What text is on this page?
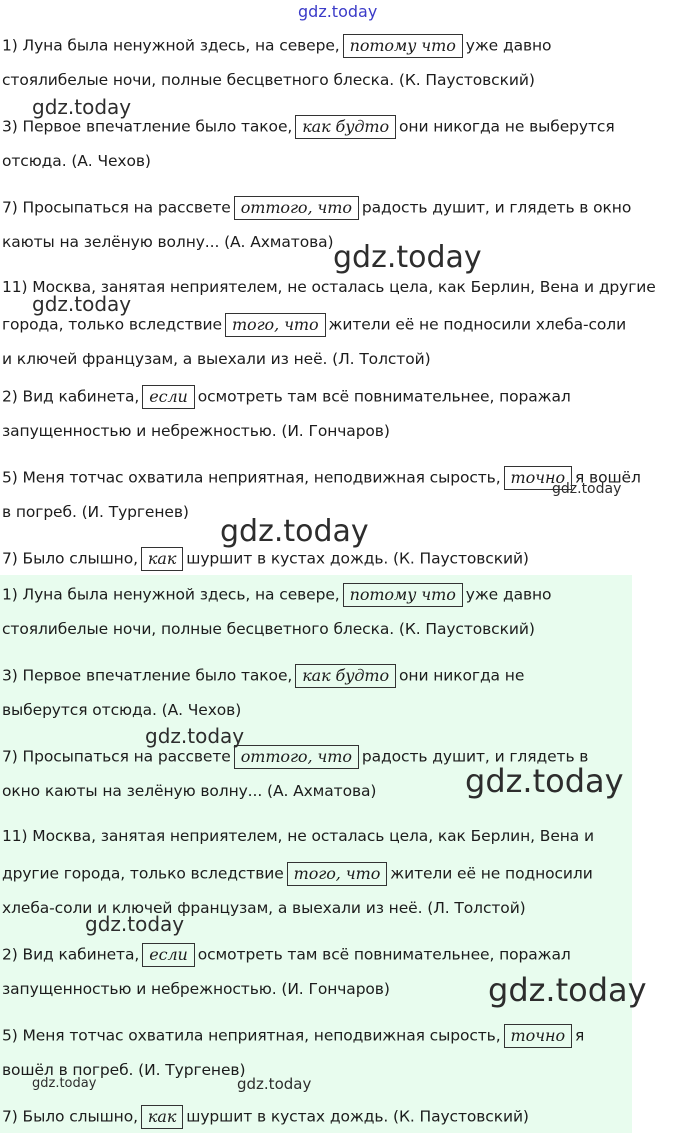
1) Луна была ненужной здесь, на севере, потому что уже давно
стоялибелые ночи, полные бесцветного блеска. (К. Паустовский)
3) Первое впечатление было такое, как будто они никогда не выберутся
отсюда. (А. Чехов)
7) Просыпаться на рассвете оттого, что радость душит, и глядеть в окно
каюты на зелёную волну... (А. Ахматова)
11) Москва, занятая неприятелем, не осталась цела, как Берлин, Вена и другие
города, только вследствие того, что жители её не подносили хлеба-соли
и ключей французам, а выехали из неё. (Л. Толстой)
2) Вид кабинета, если осмотреть там всё повнимательнее, поражал
запущенностью и небрежностью. (И. Гончаров)
5) Меня тотчас охватила неприятная, неподвижная сырость, точно я вошёл
в погреб. (И. Тургенев)
7) Было слышно, как шуршит в кустах дождь. (К. Паустовский)
1) Луна была ненужной здесь, на севере, потому что уже давно
стоялибелые ночи, полные бесцветного блеска. (К. Паустовский)
3) Первое впечатление было такое, как будто они никогда не
выберутся отсюда. (А. Чехов)
7) Просыпаться на рассвете оттого, что радость душит, и глядеть в
окно каюты на зелёную волну... (А. Ахматова)
11) Москва, занятая неприятелем, не осталась цела, как Берлин, Вена и
другие города, только вследствие того, что жители её не подносили
хлеба-соли и ключей французам, а выехали из неё. (Л. Толстой)
2) Вид кабинета, если осмотреть там всё повнимательнее, поражал
запущенностью и небрежностью. (И. Гончаров)
5) Меня тотчас охватила неприятная, неподвижная сырость, точно я
вошёл в погреб. (И. Тургенев)
7) Было слышно, как шуршит в кустах дождь. (К. Паустовский)
gdz.today
gdz.today
gdz.today
gdz.today
gdz.today
gdz.today
gdz.today
gdz.today
gdz.today
gdz.today
gdz.today	gdz.today
